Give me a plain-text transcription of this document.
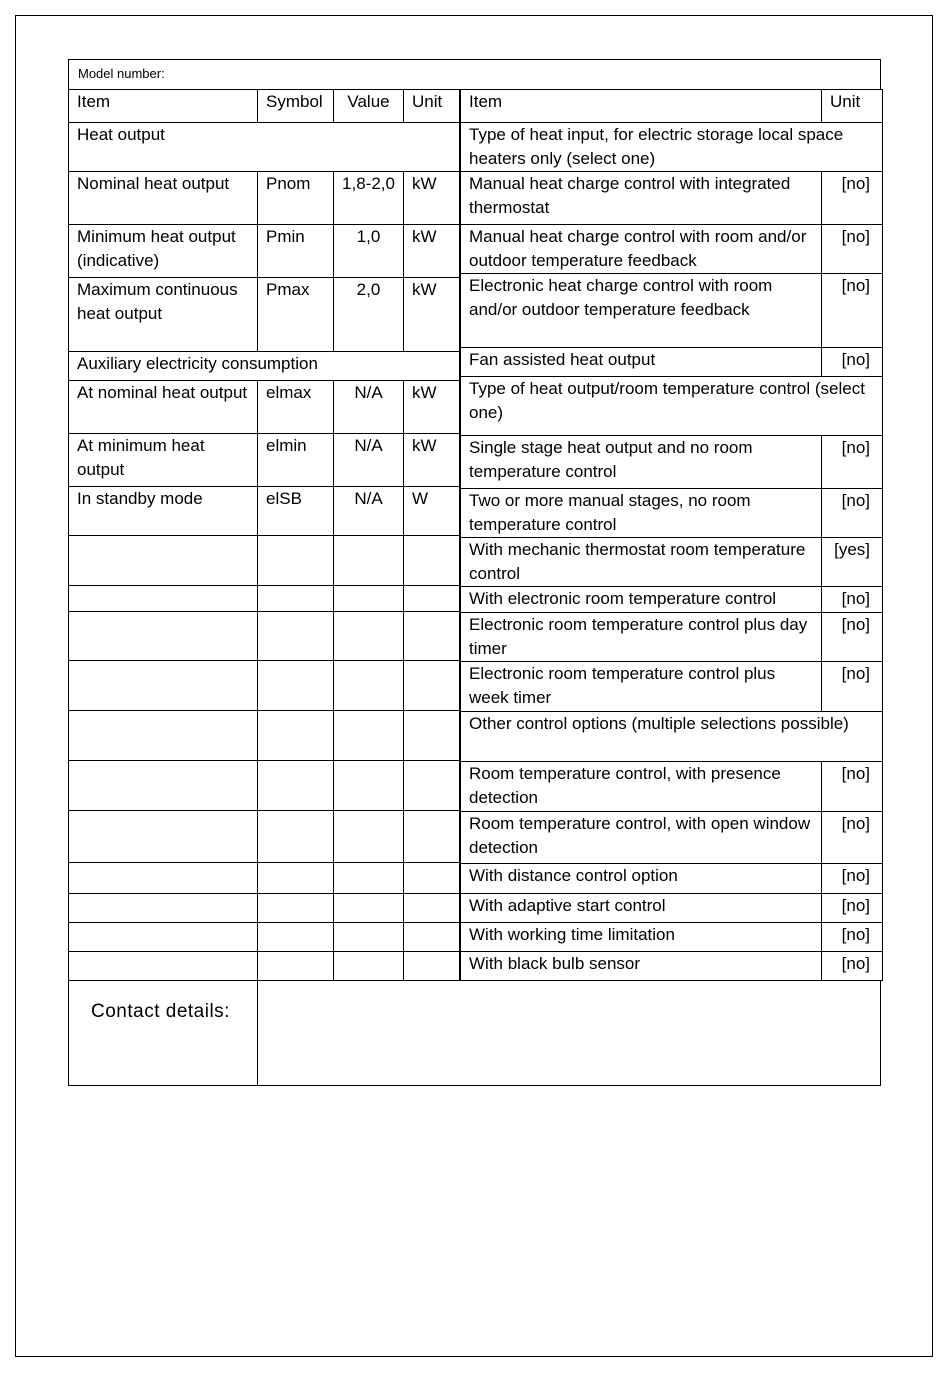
Model number:
Item	Symbol	Value	Unit
Heat output			
Nominal heat output	Pnom	1,8-2,0	kW
Minimum heat output (indicative)	Pmin	1,0	kW
Maximum continuous heat output	Pmax	2,0	kW
Auxiliary electricity consumption			
At nominal heat output	elmax	N/A	kW
At minimum heat output	elmin	N/A	kW
In standby mode	elSB	N/A	W

Item	Unit
Type of heat input, for electric storage local space heaters only (select one)	
Manual heat charge control with integrated thermostat	[no]
Manual heat charge control with room and/or outdoor temperature feedback	[no]
Electronic heat charge control with room and/or outdoor temperature feedback	[no]
Fan assisted heat output	[no]
Type of heat output/room temperature control (select one)	
Single stage heat output and no room temperature control	[no]
Two or more manual stages, no room temperature control	[no]
With mechanic thermostat room temperature control	[yes]
With electronic room temperature control	[no]
Electronic room temperature control plus day timer	[no]
Electronic room temperature control plus week timer	[no]
Other control options (multiple selections possible)	
Room temperature control, with presence detection	[no]
Room temperature control, with open window detection	[no]
With distance control option	[no]
With adaptive start control	[no]
With working time limitation	[no]
With black bulb sensor	[no]
Contact details:
